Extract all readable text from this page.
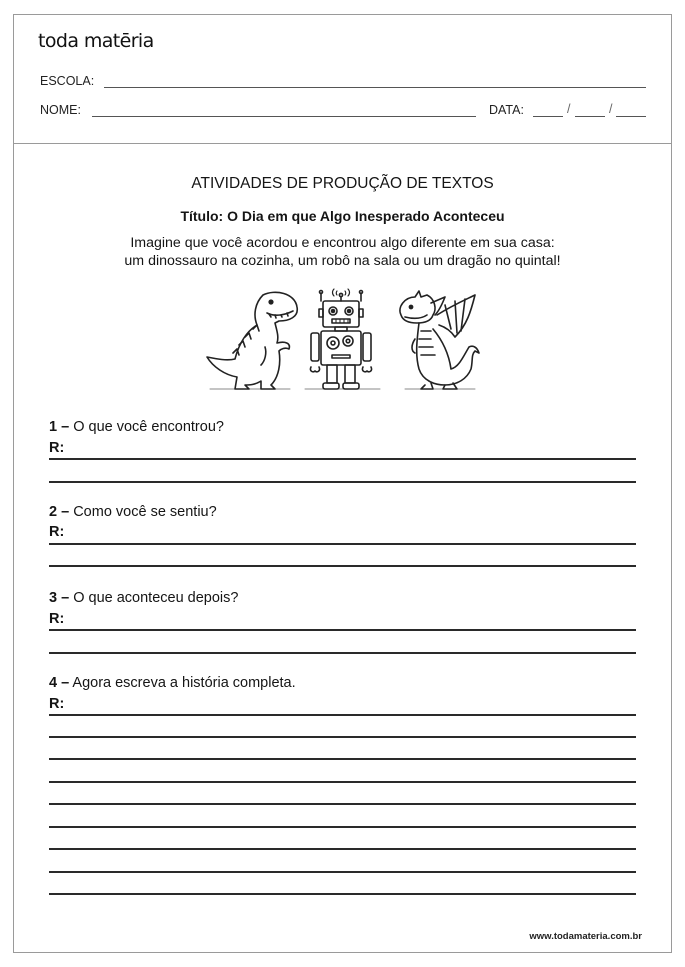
toda matēria
ESCOLA:
NOME:	DATA:	/	/
ATIVIDADES DE PRODUÇÃO DE TEXTOS
Título: O Dia em que Algo Inesperado Aconteceu
Imagine que você acordou e encontrou algo diferente em sua casa:
um dinossauro na cozinha, um robô na sala ou um dragão no quintal!
1 – O que você encontrou?
R:
2 – Como você se sentiu?
R:
3 – O que aconteceu depois?
R:
4 – Agora escreva a história completa.
R:
www.todamateria.com.br
